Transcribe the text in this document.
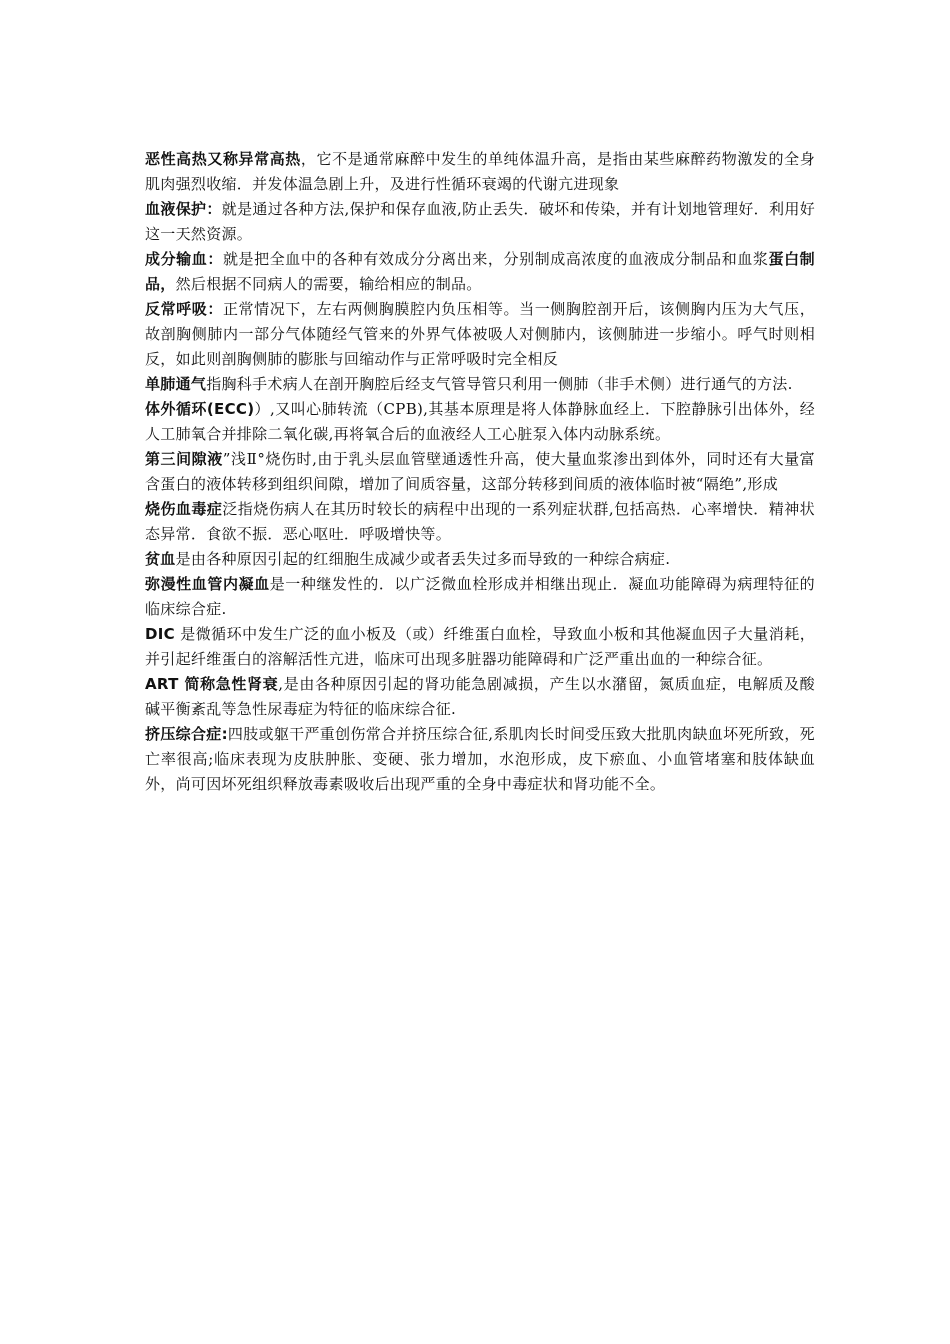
恶性高热又称异常高热，它不是通常麻醉中发生的单纯体温升高，是指由某些麻醉药物激发的全身肌肉强烈收缩．并发体温急剧上升，及进行性循环衰竭的代谢亢进现象

血液保护：就是通过各种方法,保护和保存血液,防止丢失．破坏和传染，并有计划地管理好．利用好这一天然资源。

成分输血：就是把全血中的各种有效成分分离出来，分别制成高浓度的血液成分制品和血浆蛋白制品，然后根据不同病人的需要，输给相应的制品。

反常呼吸：正常情况下，左右两侧胸膜腔内负压相等。当一侧胸腔剖开后，该侧胸内压为大气压，故剖胸侧肺内一部分气体随经气管来的外界气体被吸人对侧肺内，该侧肺进一步缩小。呼气时则相反，如此则剖胸侧肺的膨胀与回缩动作与正常呼吸时完全相反

单肺通气指胸科手术病人在剖开胸腔后经支气管导管只利用一侧肺（非手术侧）进行通气的方法.

体外循环(ECC)）,又叫心肺转流（CPB),其基本原理是将人体静脉血经上．下腔静脉引出体外，经人工肺氧合并排除二氧化碳,再将氧合后的血液经人工心脏泵入体内动脉系统。

第三间隙液”浅Ⅱ°烧伤时,由于乳头层血管壁通透性升高，使大量血浆渗出到体外，同时还有大量富含蛋白的液体转移到组织间隙，增加了间质容量，这部分转移到间质的液体临时被“隔绝”,形成

烧伤血毒症泛指烧伤病人在其历时较长的病程中出现的一系列症状群,包括高热．心率增快．精神状态异常．食欲不振．恶心呕吐．呼吸增快等。

贫血是由各种原因引起的红细胞生成减少或者丢失过多而导致的一种综合病症.

弥漫性血管内凝血是一种继发性的．以广泛微血栓形成并相继出现止．凝血功能障碍为病理特征的临床综合症.

DIC 是微循环中发生广泛的血小板及（或）纤维蛋白血栓，导致血小板和其他凝血因子大量消耗，并引起纤维蛋白的溶解活性亢进，临床可出现多脏器功能障碍和广泛严重出血的一种综合征。

ART 简称急性肾衰,是由各种原因引起的肾功能急剧减损，产生以水潴留，氮质血症，电解质及酸碱平衡紊乱等急性尿毒症为特征的临床综合征.

挤压综合症:四肢或躯干严重创伤常合并挤压综合征,系肌肉长时间受压致大批肌肉缺血坏死所致，死亡率很高;临床表现为皮肤肿胀、变硬、张力增加，水泡形成，皮下瘀血、小血管堵塞和肢体缺血外，尚可因坏死组织释放毒素吸收后出现严重的全身中毒症状和肾功能不全。
